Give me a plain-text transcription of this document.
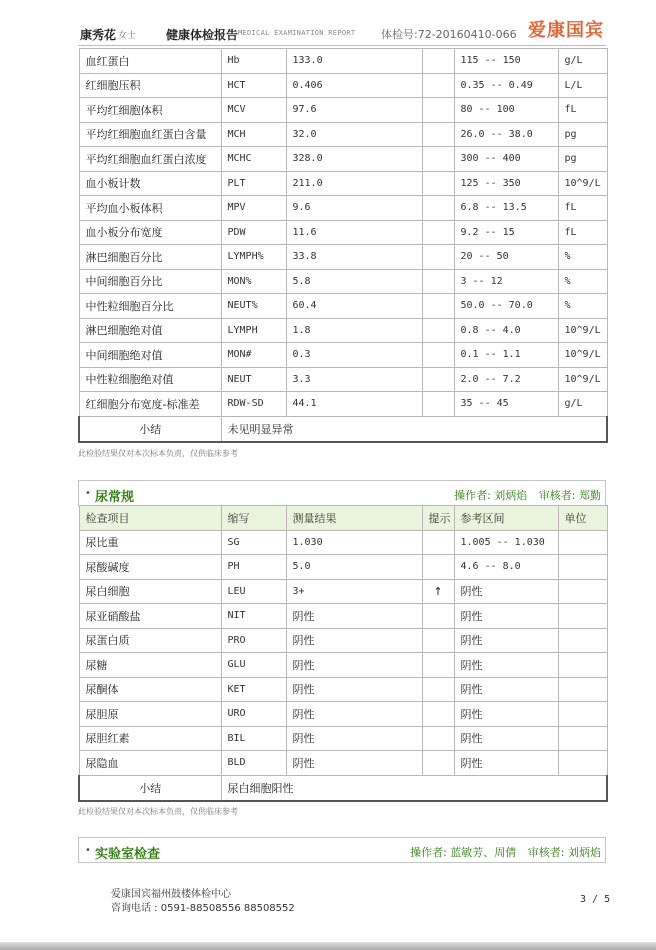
康秀花 女士 健康体检报告 MEDICAL EXAMINATION REPORT 体检号:72-20160410-066 爱康国宾
血红蛋白	Hb	133.0		115 -- 150	g/L
红细胞压积	HCT	0.406		0.35 -- 0.49	L/L
平均红细胞体积	MCV	97.6		80 -- 100	fL
平均红细胞血红蛋白含量	MCH	32.0		26.0 -- 38.0	pg
平均红细胞血红蛋白浓度	MCHC	328.0		300 -- 400	pg
血小板计数	PLT	211.0		125 -- 350	10^9/L
平均血小板体积	MPV	9.6		6.8 -- 13.5	fL
血小板分布宽度	PDW	11.6		9.2 -- 15	fL
淋巴细胞百分比	LYMPH%	33.8		20 -- 50	%
中间细胞百分比	MON%	5.8		3 -- 12	%
中性粒细胞百分比	NEUT%	60.4		50.0 -- 70.0	%
淋巴细胞绝对值	LYMPH	1.8		0.8 -- 4.0	10^9/L
中间细胞绝对值	MON#	0.3		0.1 -- 1.1	10^9/L
中性粒细胞绝对值	NEUT	3.3		2.0 -- 7.2	10^9/L
红细胞分布宽度-标准差	RDW-SD	44.1		35 -- 45	g/L
小结	未见明显异常				
此检验结果仅对本次标本负责，仅供临床参考
• 尿常规	操作者: 刘炳焰 审核者: 郑勤
检查项目	缩写	测量结果	提示	参考区间	单位
尿比重	SG	1.030		1.005 -- 1.030	
尿酸碱度	PH	5.0		4.6 -- 8.0	
尿白细胞	LEU	3+	↑	阴性	
尿亚硝酸盐	NIT	阴性		阴性	
尿蛋白质	PRO	阴性		阴性	
尿糖	GLU	阴性		阴性	
尿酮体	KET	阴性		阴性	
尿胆原	URO	阴性		阴性	
尿胆红素	BIL	阴性		阴性	
尿隐血	BLD	阴性		阴性	
小结	尿白细胞阳性				
此检验结果仅对本次标本负责，仅供临床参考
• 实验室检查	操作者: 蓝敏芳、周倩 审核者: 刘炳焰
爱康国宾福州鼓楼体检中心
咨询电话 : 0591-88508556 88508552
3 / 5
